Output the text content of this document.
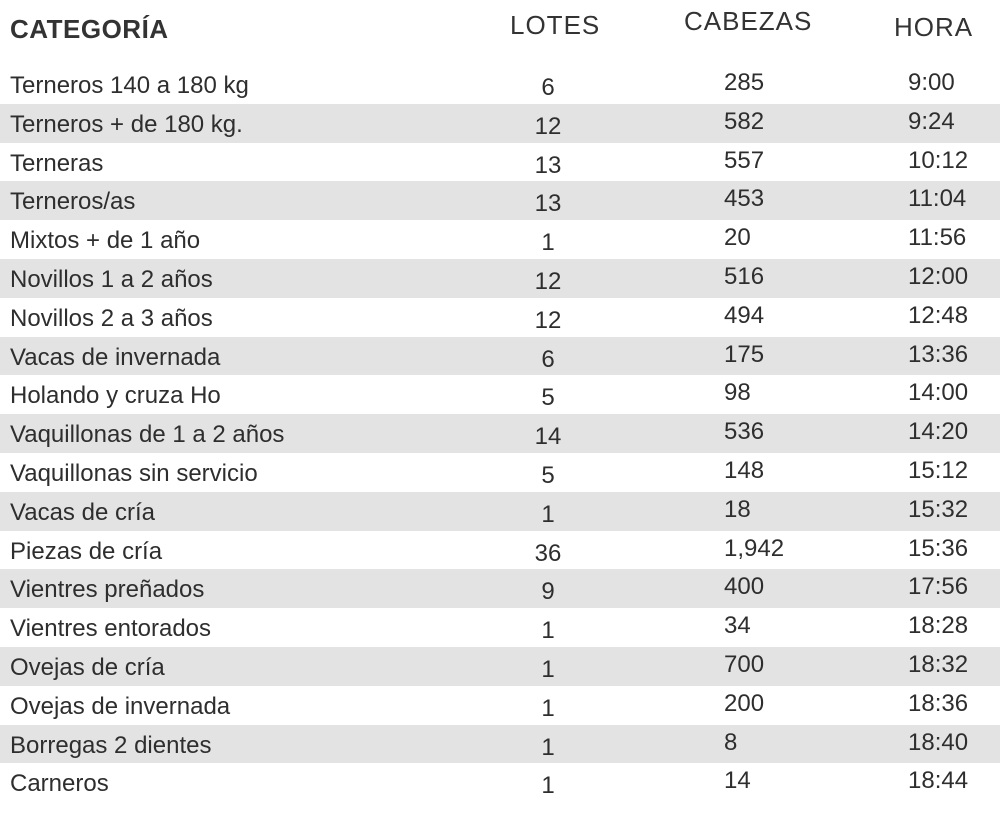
CATEGORÍA	LOTES	CABEZAS	HORA
Terneros 140 a 180 kg	6	285	9:00
Terneros + de 180 kg.	12	582	9:24
Terneras	13	557	10:12
Terneros/as	13	453	11:04
Mixtos + de 1 año	1	20	11:56
Novillos 1 a 2 años	12	516	12:00
Novillos 2 a 3 años	12	494	12:48
Vacas de invernada	6	175	13:36
Holando y cruza Ho	5	98	14:00
Vaquillonas de 1 a 2 años	14	536	14:20
Vaquillonas sin servicio	5	148	15:12
Vacas de cría	1	18	15:32
Piezas de cría	36	1,942	15:36
Vientres preñados	9	400	17:56
Vientres entorados	1	34	18:28
Ovejas de cría	1	700	18:32
Ovejas de invernada	1	200	18:36
Borregas 2 dientes	1	8	18:40
Carneros	1	14	18:44
